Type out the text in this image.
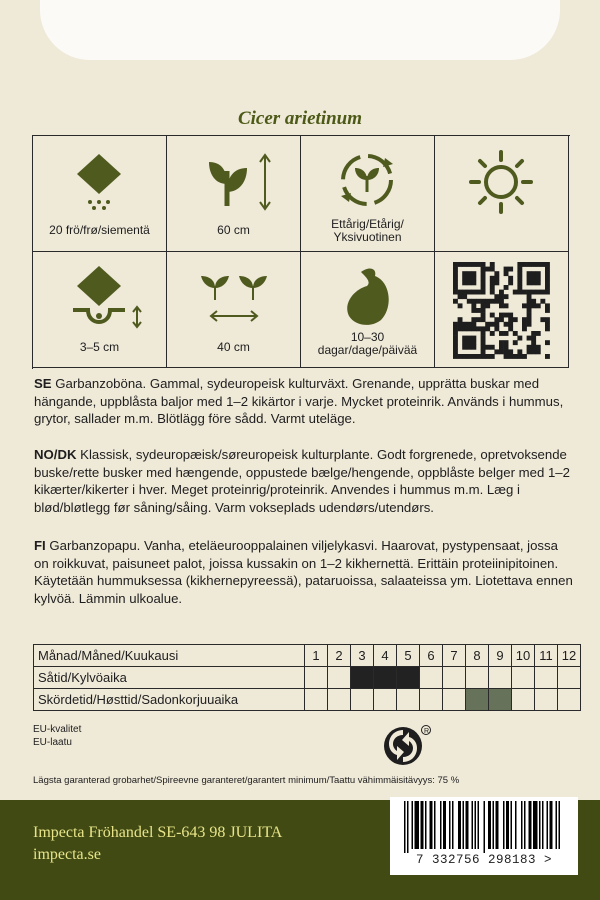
Cicer arietinum
20 frö/frø/siementä	60 cm	Ettårig/Etårig/
Yksivuotinen
3–5 cm	40 cm
10–30
dagar/dage/päivää
SE Garbanzoböna. Gammal, sydeuropeisk kulturväxt. Grenande, upprätta buskar med hängande, uppblåsta baljor med 1–2 kikärtor i varje. Mycket proteinrik. Används i hummus, grytor, sallader m.m. Blötlägg före sådd. Varmt uteläge.
NO/DK Klassisk, sydeuropæisk/søreuropeisk kulturplante. Godt forgrenede, opretvoksende buske/rette busker med hængende, oppustede bælge/hengende, oppblåste belger med 1–2 kikærter/kikerter i hver. Meget proteinrig/proteinrik. Anvendes i hummus m.m. Læg i blød/bløtlegg før såning/såing. Varm vokseplads udendørs/utendørs.
FI Garbanzopapu. Vanha, eteläeurooppalainen viljelykasvi. Haarovat, pystypensaat, jossa on roikkuvat, paisuneet palot, joissa kussakin on 1–2 kikhernettä. Erittäin proteiinipitoinen. Käytetään hummuksessa (kikhernepyreessä), pataruoissa, salaateissa ym. Liotettava ennen kylvöä. Lämmin ulkoalue.
Månad/Måned/Kuukausi	1	2	3	4	5	6	7	8	9	10	11	12
Såtid/Kylvöaika												
Skördetid/Høsttid/Sadonkorjuuaika												
EU-kvalitet
EU-laatu
R
Lägsta garanterad grobarhet/Spireevne garanteret/garantert minimum/Taattu vähimmäisitävyys: 75 %
Impecta Fröhandel SE-643 98 JULITA
impecta.se	7 332756 298183 >
